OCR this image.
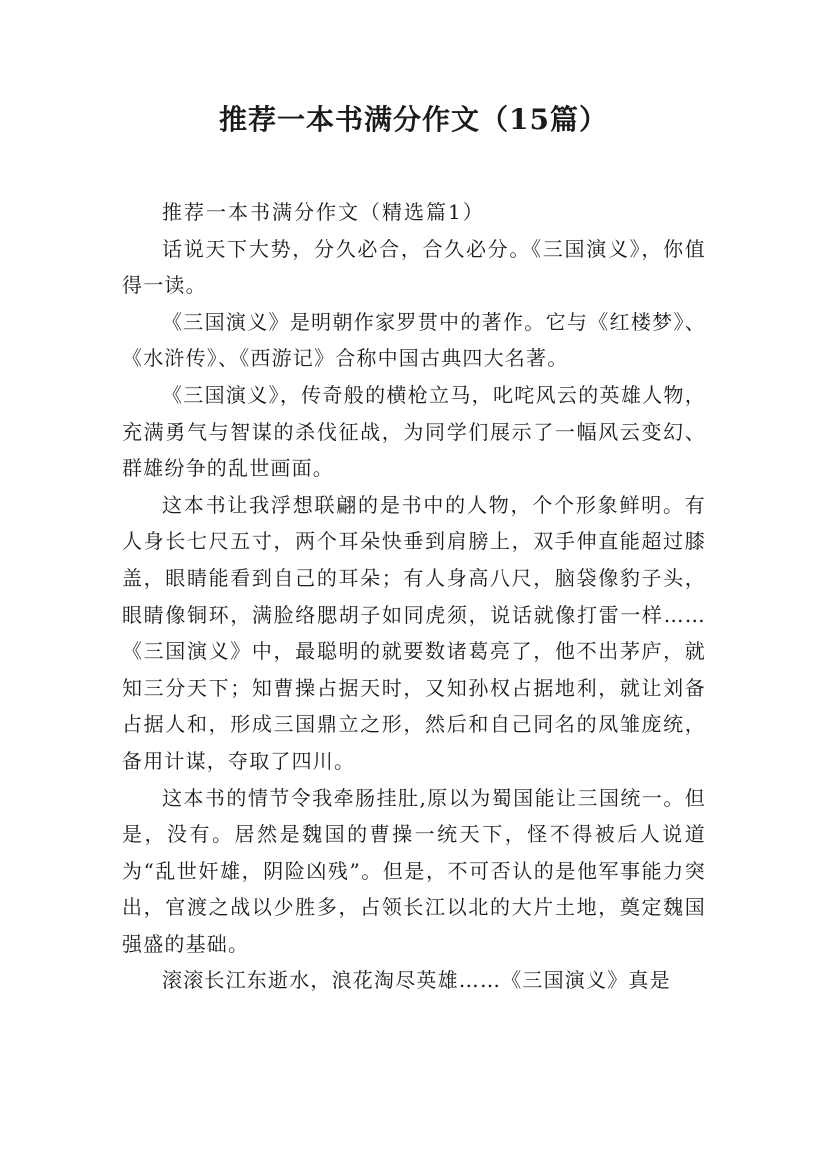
推荐一本书满分作文（15篇）

推荐一本书满分作文（精选篇1）

话说天下大势，分久必合，合久必分。《三国演义》，你值得一读。

《三国演义》是明朝作家罗贯中的著作。它与《红楼梦》、《水浒传》、《西游记》合称中国古典四大名著。

《三国演义》，传奇般的横枪立马，叱咤风云的英雄人物，充满勇气与智谋的杀伐征战，为同学们展示了一幅风云变幻、群雄纷争的乱世画面。

这本书让我浮想联翩的是书中的人物，个个形象鲜明。有人身长七尺五寸，两个耳朵快垂到肩膀上，双手伸直能超过膝盖，眼睛能看到自己的耳朵；有人身高八尺，脑袋像豹子头，眼睛像铜环，满脸络腮胡子如同虎须，说话就像打雷一样……《三国演义》中，最聪明的就要数诸葛亮了，他不出茅庐，就知三分天下；知曹操占据天时，又知孙权占据地利，就让刘备占据人和，形成三国鼎立之形，然后和自己同名的凤雏庞统，备用计谋，夺取了四川。

这本书的情节令我牵肠挂肚,原以为蜀国能让三国统一。但是，没有。居然是魏国的曹操一统天下，怪不得被后人说道为“乱世奸雄，阴险凶残”。但是，不可否认的是他军事能力突出，官渡之战以少胜多，占领长江以北的大片土地，奠定魏国强盛的基础。

滚滚长江东逝水，浪花淘尽英雄……《三国演义》真是
